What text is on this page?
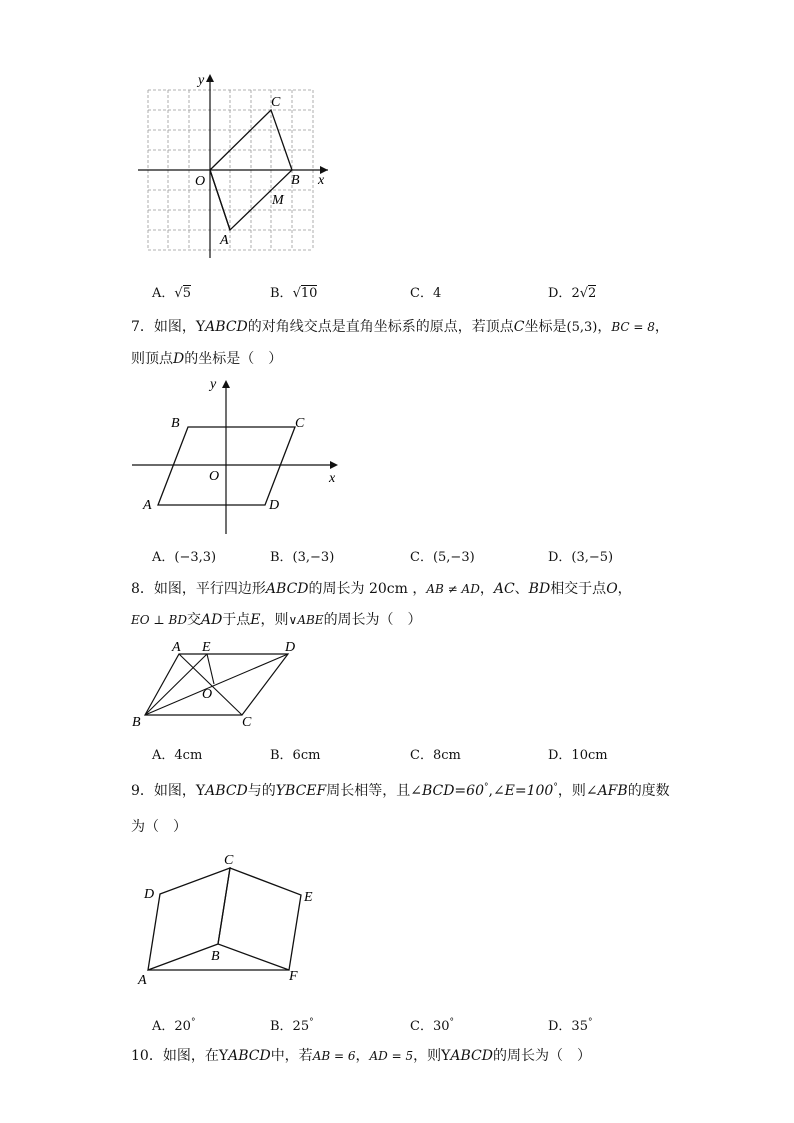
y
x
O
C
B
M
A
A．√5	B．√10	C．4	D．2√2
7．如图，YABCD的对角线交点是直角坐标系的原点，若顶点C坐标是(5,3)，BC = 8，
则顶点D的坐标是（　）
y
x
O
B	C
A	D
A．(−3,3)	B．(3,−3)	C．(5,−3)	D．(3,−5)
8．如图，平行四边形ABCD的周长为 20cm ，AB ≠ AD，AC、BD相交于点O，
EO ⊥ BD交AD于点E，则∨ABE的周长为（　）
A E	D
O
B	C
A．4cm	B．6cm	C．8cm	D．10cm
9．如图，YABCD与的YBCEF周长相等，且∠BCD=60°,∠E=100°，则∠AFB的度数
为（　）
C
D	E
B
A	F
A．20°	B．25°	C．30°	D．35°
10．如图，在YABCD中，若AB = 6，AD = 5，则YABCD的周长为（　）
